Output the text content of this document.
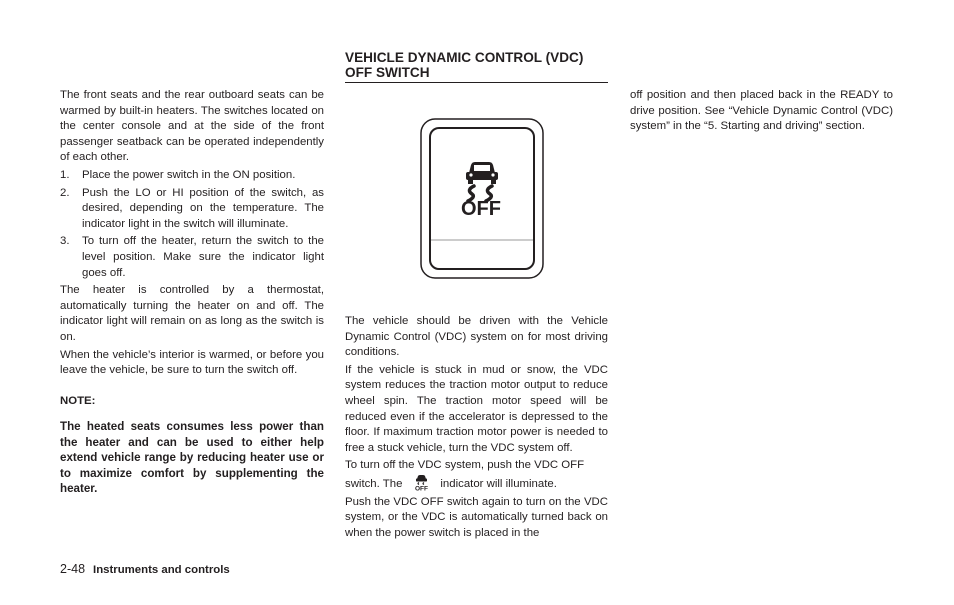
The front seats and the rear outboard seats can be warmed by built-in heaters. The switches located on the center console and at the side of the front passenger seatback can be operated independently of each other.

1. Place the power switch in the ON position.
2. Push the LO or HI position of the switch, as desired, depending on the temperature. The indicator light in the switch will illuminate.
3. To turn off the heater, return the switch to the level position. Make sure the indicator light goes off.

The heater is controlled by a thermostat, automatically turning the heater on and off. The indicator light will remain on as long as the switch is on.

When the vehicle’s interior is warmed, or before you leave the vehicle, be sure to turn the switch off.

NOTE:

The heated seats consumes less power than the heater and can be used to either help extend vehicle range by reducing heater use or to maximize comfort by supplementing the heater.

VEHICLE DYNAMIC CONTROL (VDC)
OFF SWITCH
OFF

The vehicle should be driven with the Vehicle Dynamic Control (VDC) system on for most driving conditions.

If the vehicle is stuck in mud or snow, the VDC system reduces the traction motor output to reduce wheel spin. The traction motor speed will be reduced even if the accelerator is depressed to the floor. If maximum traction motor power is needed to free a stuck vehicle, turn the VDC system off.

To turn off the VDC system, push the VDC OFF switch. The OFF indicator will illuminate.

Push the VDC OFF switch again to turn on the VDC system, or the VDC is automatically turned back on when the power switch is placed in the

off position and then placed back in the READY to drive position. See “Vehicle Dynamic Control (VDC) system” in the “5. Starting and driving” section.

2-48 Instruments and controls
